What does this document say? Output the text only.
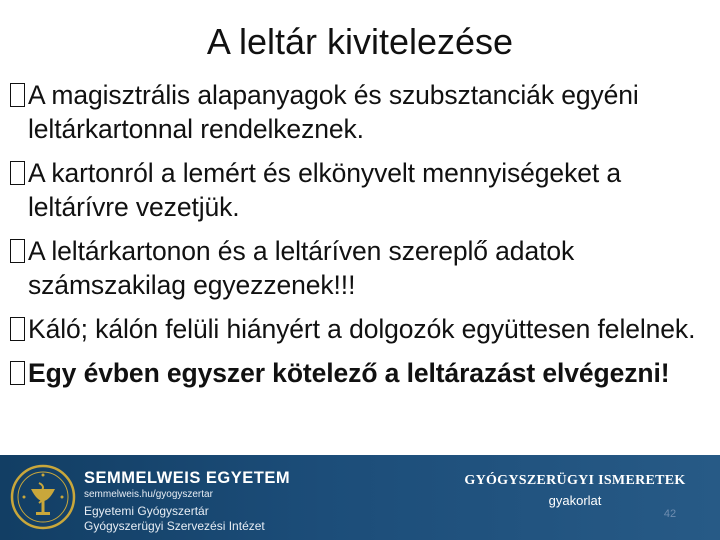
A leltár kivitelezése
A magisztrális alapanyagok és szubsztanciák egyéni leltárkartonnal rendelkeznek.
A kartonról a lemért és elkönyvelt mennyiségeket a leltárívre vezetjük.
A leltárkartonon és a leltáríven szereplő adatok számszakilag egyezzenek!!!
Káló; kálón felüli hiányért a dolgozók együttesen felelnek.
Egy évben egyszer kötelező a leltárazást elvégezni!
SEMMELWEIS EGYETEM
semmelweis.hu/gyogyszertar
Egyetemi Gyógyszertár
Gyógyszerügyi Szervezési Intézet
GYÓGYSZERÜGYI ISMERETEK
gyakorlat
42
